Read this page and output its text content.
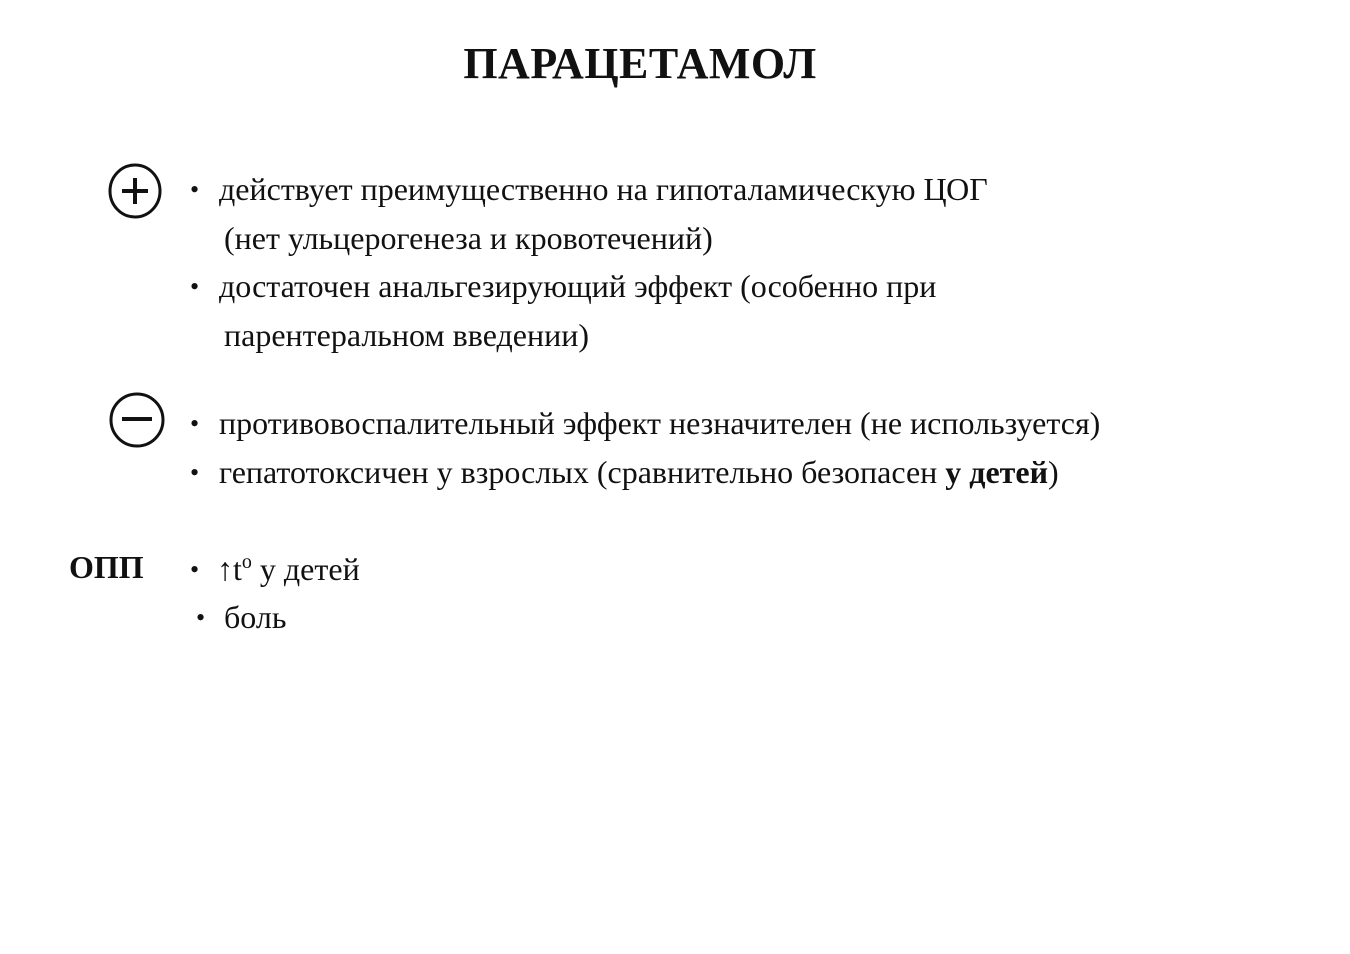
ПАРАЦЕТАМОЛ
• действует преимущественно на гипоталамическую ЦОГ
(нет ульцерогенеза и кровотечений)
• достаточен анальгезирующий эффект (особенно при
парентеральном введении)
• противовоспалительный эффект незначителен (не используется)
• гепатотоксичен у взрослых (сравнительно безопасен у детей)
ОПП • $↑t^o$ у детей
• боль
